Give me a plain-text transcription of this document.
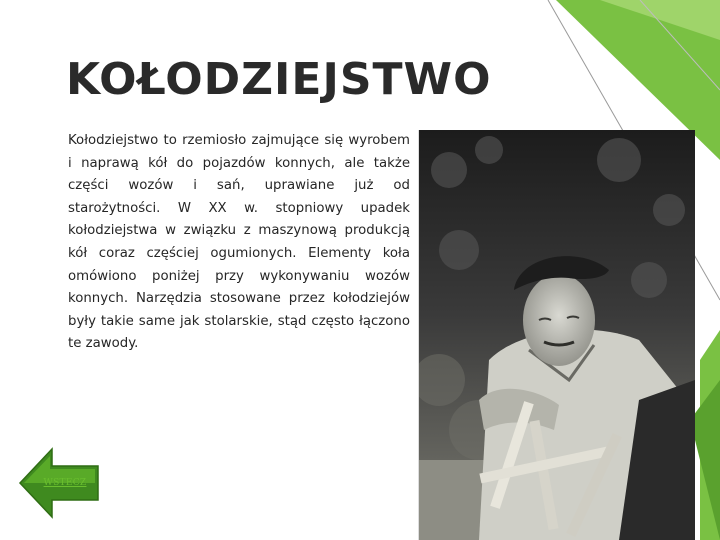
KOŁODZIEJSTWO

Kołodziejstwo to rzemiosło zajmujące się wyrobem i naprawą kół do pojazdów konnych, ale także części wozów i sań, uprawiane już od starożytności. W XX w. stopniowy upadek kołodziejstwa w związku z maszynową produkcją kół coraz częściej ogumionych. Elementy koła omówiono poniżej przy wykonywaniu wozów konnych. Narzędzia stosowane przez kołodziejów były takie same jak stolarskie, stąd często łączono te zawody.

WSTECZ
